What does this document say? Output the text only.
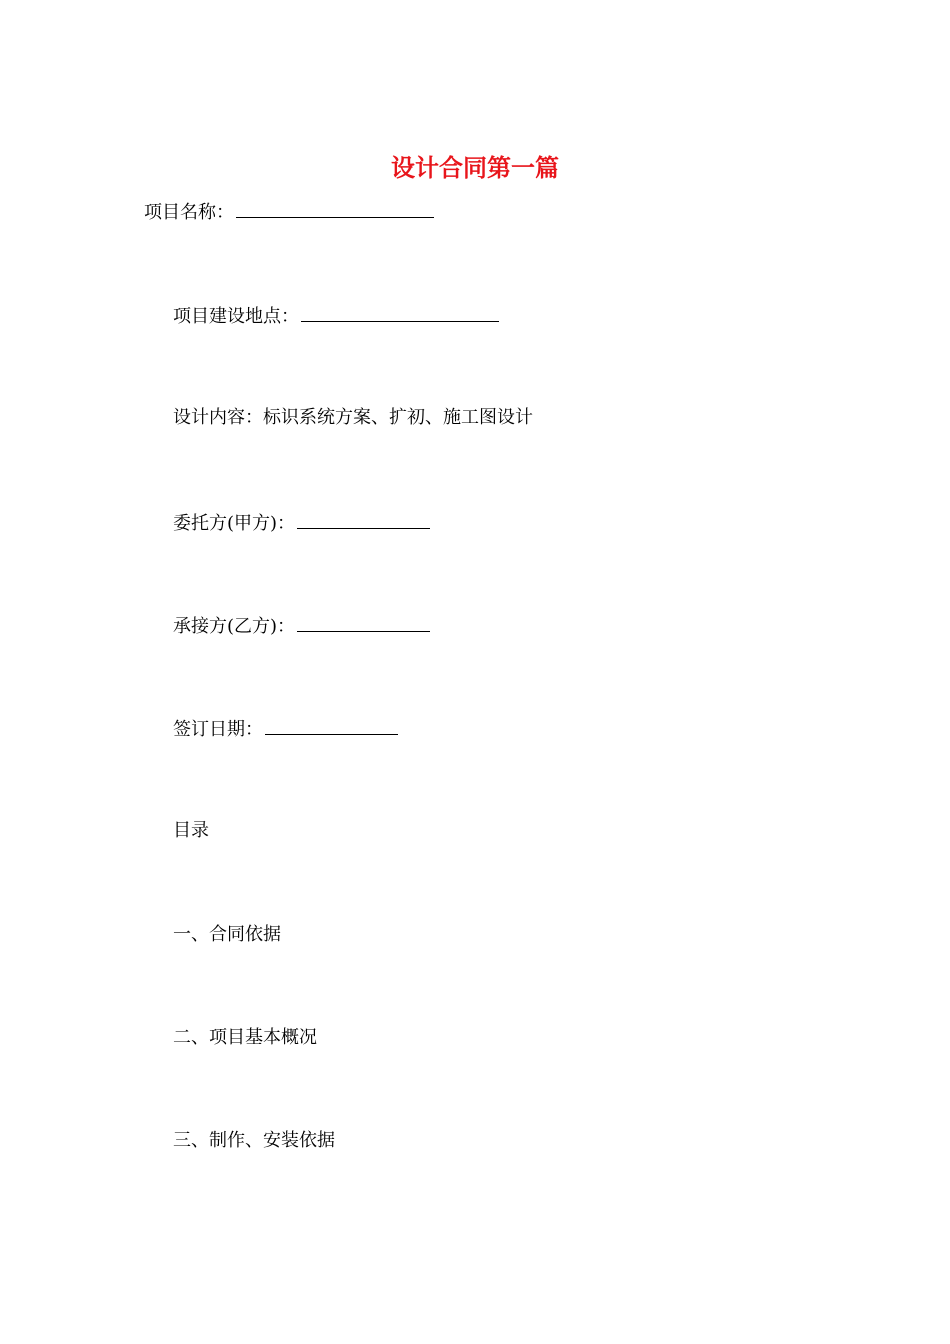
设计合同第一篇
项目名称：
项目建设地点：
设计内容：标识系统方案、扩初、施工图设计
委托方(甲方)：
承接方(乙方)：
签订日期：
目录
一、合同依据
二、项目基本概况
三、制作、安装依据
